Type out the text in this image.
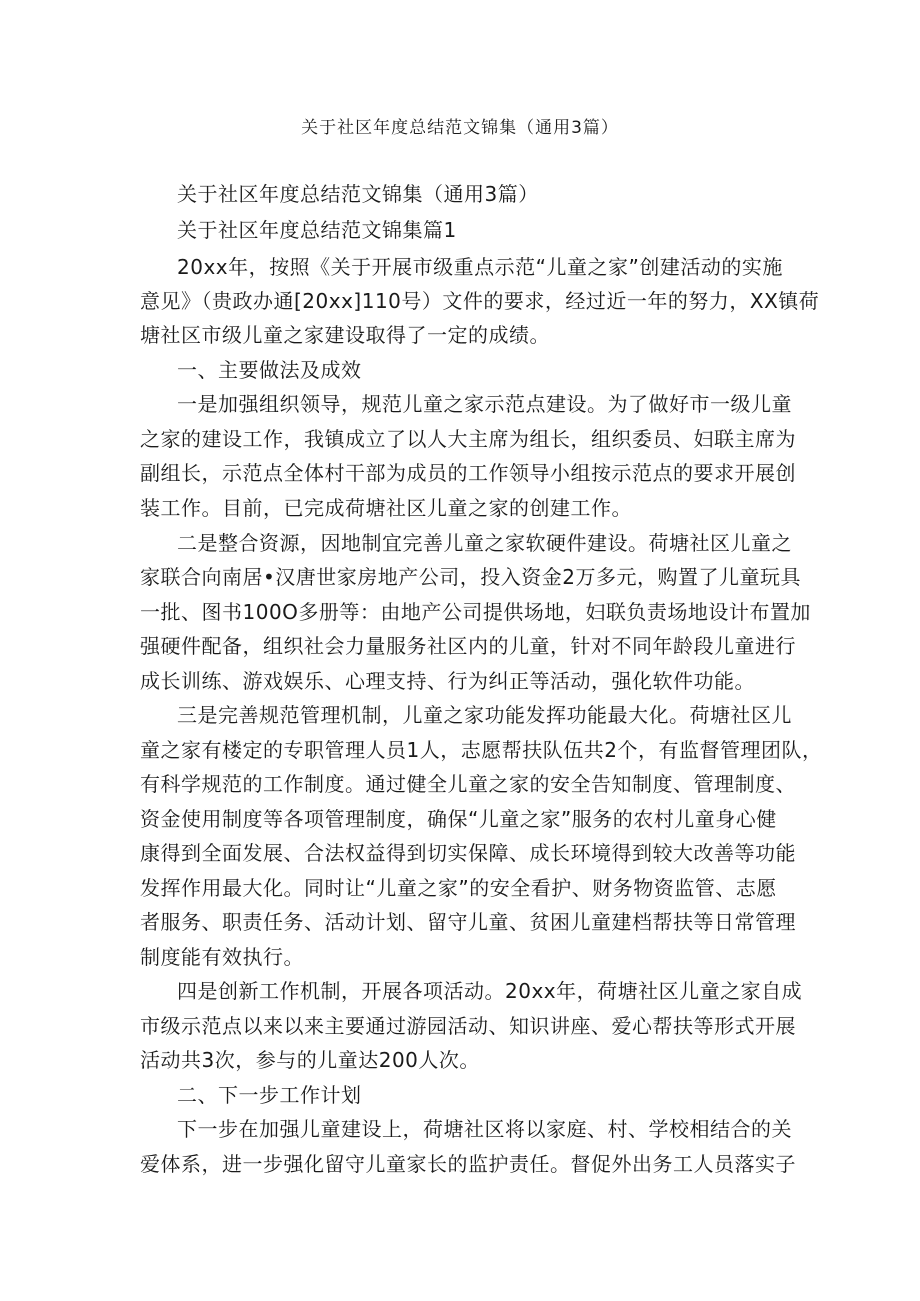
关于社区年度总结范文锦集（通用3篇）
关于社区年度总结范文锦集（通用3篇）
关于社区年度总结范文锦集篇1
20xx年，按照《关于开展市级重点示范“儿童之家”创建活动的实施
意见》（贵政办通[20xx]110号）文件的要求，经过近一年的努力，XX镇荷
塘社区市级儿童之家建设取得了一定的成绩。
一、主要做法及成效
一是加强组织领导，规范儿童之家示范点建设。为了做好市一级儿童
之家的建设工作，我镇成立了以人大主席为组长，组织委员、妇联主席为
副组长，示范点全体村干部为成员的工作领导小组按示范点的要求开展创
装工作。目前，已完成荷塘社区儿童之家的创建工作。
二是整合资源，因地制宜完善儿童之家软硬件建设。荷塘社区儿童之
家联合向南居•汉唐世家房地产公司，投入资金2万多元，购置了儿童玩具
一批、图书100O多册等：由地产公司提供场地，妇联负责场地设计布置加
强硬件配备，组织社会力量服务社区内的儿童，针对不同年龄段儿童进行
成长训练、游戏娱乐、心理支持、行为纠正等活动，强化软件功能。
三是完善规范管理机制，儿童之家功能发挥功能最大化。荷塘社区儿
童之家有楼定的专职管理人员1人，志愿帮扶队伍共2个，有监督管理团队，
有科学规范的工作制度。通过健全儿童之家的安全告知制度、管理制度、
资金使用制度等各项管理制度，确保“儿童之家”服务的农村儿童身心健
康得到全面发展、合法权益得到切实保障、成长环境得到较大改善等功能
发挥作用最大化。同时让“儿童之家”的安全看护、财务物资监管、志愿
者服务、职责任务、活动计划、留守儿童、贫困儿童建档帮扶等日常管理
制度能有效执行。
四是创新工作机制，开展各项活动。20xx年，荷塘社区儿童之家自成
市级示范点以来以来主要通过游园活动、知识讲座、爱心帮扶等形式开展
活动共3次，参与的儿童达200人次。
二、下一步工作计划
下一步在加强儿童建设上，荷塘社区将以家庭、村、学校相结合的关
爱体系，进一步强化留守儿童家长的监护责任。督促外出务工人员落实子
